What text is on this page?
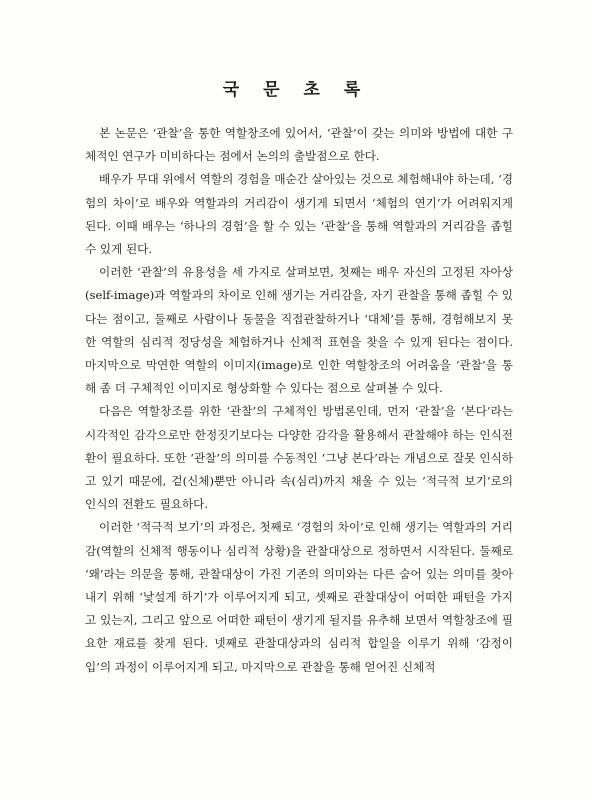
국 문 초 록

본 논문은 ‘관찰’을 통한 역할창조에 있어서, ‘관찰’이 갖는 의미와 방법에 대한 구체적인 연구가 미비하다는 점에서 논의의 출발점으로 한다.

배우가 무대 위에서 역할의 경험을 매순간 살아있는 것으로 체험해내야 하는데, ‘경험의 차이’로 배우와 역할과의 거리감이 생기게 되면서 ‘체험의 연기’가 어려워지게 된다. 이때 배우는 ‘하나의 경험’을 할 수 있는 ‘관찰’을 통해 역할과의 거리감을 좁힐 수 있게 된다.

이러한 ‘관찰’의 유용성을 세 가지로 살펴보면, 첫째는 배우 자신의 고정된 자아상(self-image)과 역할과의 차이로 인해 생기는 거리감을, 자기 관찰을 통해 좁힐 수 있다는 점이고, 둘째로 사람이나 동물을 직접관찰하거나 ‘대체’를 통해, 경험해보지 못한 역할의 심리적 정당성을 체험하거나 신체적 표현을 찾을 수 있게 된다는 점이다. 마지막으로 막연한 역할의 이미지(image)로 인한 역할창조의 어려움을 ‘관찰’을 통해 좀 더 구체적인 이미지로 형상화할 수 있다는 점으로 살펴볼 수 있다.

다음은 역할창조를 위한 ‘관찰’의 구체적인 방법론인데, 먼저 ‘관찰’을 ‘본다’라는 시각적인 감각으로만 한정짓기보다는 다양한 감각을 활용해서 관찰해야 하는 인식전환이 필요하다. 또한 ‘관찰’의 의미를 수동적인 ‘그냥 본다’라는 개념으로 잘못 인식하고 있기 때문에, 겉(신체)뿐만 아니라 속(심리)까지 채울 수 있는 ‘적극적 보기’로의 인식의 전환도 필요하다.

이러한 ‘적극적 보기’의 과정은, 첫째로 ‘경험의 차이’로 인해 생기는 역할과의 거리감(역할의 신체적 행동이나 심리적 상황)을 관찰대상으로 정하면서 시작된다. 둘째로 ‘왜’라는 의문을 통해, 관찰대상이 가진 기존의 의미와는 다른 숨어 있는 의미를 찾아내기 위해 ‘낯설게 하기’가 이루어지게 되고, 셋째로 관찰대상이 어떠한 패턴을 가지고 있는지, 그리고 앞으로 어떠한 패턴이 생기게 될지를 유추해 보면서 역할창조에 필요한 재료를 찾게 된다. 넷째로 관찰대상과의 심리적 합일을 이루기 위해 ‘감정이입’의 과정이 이루어지게 되고, 마지막으로 관찰을 통해 얻어진 신체적
